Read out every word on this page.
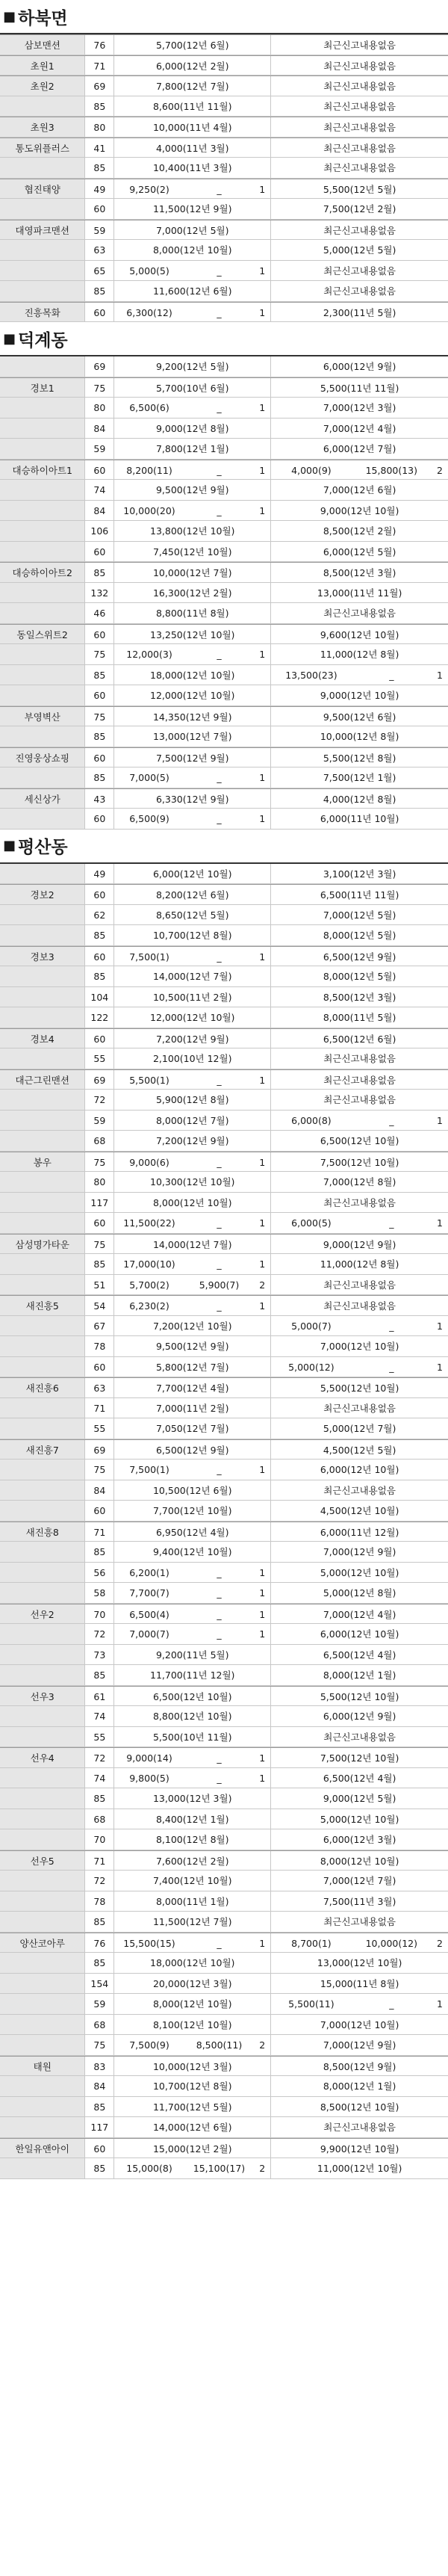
■ 하북면
삼보맨션	76	5,700(12년 6월)	최근신고내용없음
초원1	71	6,000(12년 2월)	최근신고내용없음
초원2	69	7,800(12년 7월)	최근신고내용없음
85	8,600(11년 11월)	최근신고내용없음
초원3	80	10,000(11년 4월)	최근신고내용없음
통도위플러스	41	4,000(11년 3월)	최근신고내용없음
85	10,400(11년 3월)	최근신고내용없음
협진태양	49	9,250(2)	_	1	5,500(12년 5월)
60	11,500(12년 9월)	7,500(12년 2월)
대영파크맨션	59	7,000(12년 5월)	최근신고내용없음
63	8,000(12년 10월)	5,000(12년 5월)
65	5,000(5)	_	1	최근신고내용없음
85	11,600(12년 6월)	최근신고내용없음
진흥목화	60	6,300(12)	_	1	2,300(11년 5월)
■ 덕계동
69	9,200(12년 5월)	6,000(12년 9월)
경보1	75	5,700(10년 6월)	5,500(11년 11월)
80	6,500(6)	_	1	7,000(12년 3월)
84	9,000(12년 8월)	7,000(12년 4월)
59	7,800(12년 1월)	6,000(12년 7월)
대승하이아트1	60	8,200(11)	_	1	4,000(9)	15,800(13)	2
74	9,500(12년 9월)	7,000(12년 6월)
84	10,000(20)	_	1	9,000(12년 10월)
106	13,800(12년 10월)	8,500(12년 2월)
60	7,450(12년 10월)	6,000(12년 5월)
대승하이아트2	85	10,000(12년 7월)	8,500(12년 3월)
132	16,300(12년 2월)	13,000(11년 11월)
46	8,800(11년 8월)	최근신고내용없음
동일스위트2	60	13,250(12년 10월)	9,600(12년 10월)
75	12,000(3)	_	1	11,000(12년 8월)
85	18,000(12년 10월)	13,500(23)	_	1
60	12,000(12년 10월)	9,000(12년 10월)
부영벽산	75	14,350(12년 9월)	9,500(12년 6월)
85	13,000(12년 7월)	10,000(12년 8월)
진영웅상쇼핑	60	7,500(12년 9월)	5,500(12년 8월)
85	7,000(5)	_	1	7,500(12년 1월)
세신상가	43	6,330(12년 9월)	4,000(12년 8월)
60	6,500(9)	_	1	6,000(11년 10월)
■ 평산동
49	6,000(12년 10월)	3,100(12년 3월)
경보2	60	8,200(12년 6월)	6,500(11년 11월)
62	8,650(12년 5월)	7,000(12년 5월)
85	10,700(12년 8월)	8,000(12년 5월)
경보3	60	7,500(1)	_	1	6,500(12년 9월)
85	14,000(12년 7월)	8,000(12년 5월)
104	10,500(11년 2월)	8,500(12년 3월)
122	12,000(12년 10월)	8,000(11년 5월)
경보4	60	7,200(12년 9월)	6,500(12년 6월)
55	2,100(10년 12월)	최근신고내용없음
대근그린맨션	69	5,500(1)	_	1	최근신고내용없음
72	5,900(12년 8월)	최근신고내용없음
59	8,000(12년 7월)	6,000(8)	_	1
68	7,200(12년 9월)	6,500(12년 10월)
봉우	75	9,000(6)	_	1	7,500(12년 10월)
80	10,300(12년 10월)	7,000(12년 8월)
117	8,000(12년 10월)	최근신고내용없음
60	11,500(22)	_	1	6,000(5)	_	1
삼성명가타운	75	14,000(12년 7월)	9,000(12년 9월)
85	17,000(10)	_	1	11,000(12년 8월)
51	5,700(2)	5,900(7)	2	최근신고내용없음
새진흥5	54	6,230(2)	_	1	최근신고내용없음
67	7,200(12년 10월)	5,000(7)	_	1
78	9,500(12년 9월)	7,000(12년 10월)
60	5,800(12년 7월)	5,000(12)	_	1
새진흥6	63	7,700(12년 4월)	5,500(12년 10월)
71	7,000(11년 2월)	최근신고내용없음
55	7,050(12년 7월)	5,000(12년 7월)
새진흥7	69	6,500(12년 9월)	4,500(12년 5월)
75	7,500(1)	_	1	6,000(12년 10월)
84	10,500(12년 6월)	최근신고내용없음
60	7,700(12년 10월)	4,500(12년 10월)
새진흥8	71	6,950(12년 4월)	6,000(11년 12월)
85	9,400(12년 10월)	7,000(12년 9월)
56	6,200(1)	_	1	5,000(12년 10월)
58	7,700(7)	_	1	5,000(12년 8월)
선우2	70	6,500(4)	_	1	7,000(12년 4월)
72	7,000(7)	_	1	6,000(12년 10월)
73	9,200(11년 5월)	6,500(12년 4월)
85	11,700(11년 12월)	8,000(12년 1월)
선우3	61	6,500(12년 10월)	5,500(12년 10월)
74	8,800(12년 10월)	6,000(12년 9월)
55	5,500(10년 11월)	최근신고내용없음
선우4	72	9,000(14)	_	1	7,500(12년 10월)
74	9,800(5)	_	1	6,500(12년 4월)
85	13,000(12년 3월)	9,000(12년 5월)
68	8,400(12년 1월)	5,000(12년 10월)
70	8,100(12년 8월)	6,000(12년 3월)
선우5	71	7,600(12년 2월)	8,000(12년 10월)
72	7,400(12년 10월)	7,000(12년 7월)
78	8,000(11년 1월)	7,500(11년 3월)
85	11,500(12년 7월)	최근신고내용없음
양산코아루	76	15,500(15)	_	1	8,700(1)	10,000(12)	2
85	18,000(12년 10월)	13,000(12년 10월)
154	20,000(12년 3월)	15,000(11년 8월)
59	8,000(12년 10월)	5,500(11)	_	1
68	8,100(12년 10월)	7,000(12년 10월)
75	7,500(9)	8,500(11)	2	7,000(12년 9월)
태원	83	10,000(12년 3월)	8,500(12년 9월)
84	10,700(12년 8월)	8,000(12년 1월)
85	11,700(12년 5월)	8,500(12년 10월)
117	14,000(12년 6월)	최근신고내용없음
한일유앤아이	60	15,000(12년 2월)	9,900(12년 10월)
85	15,000(8)	15,100(17)	2	11,000(12년 10월)
